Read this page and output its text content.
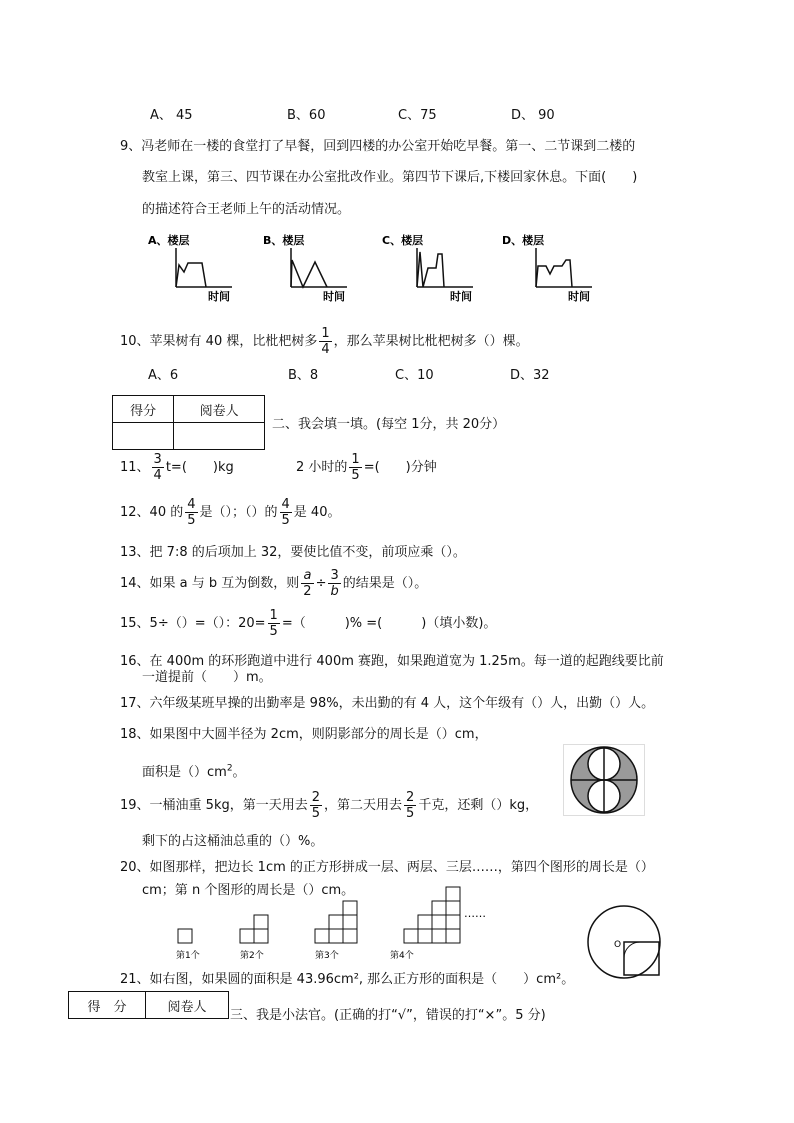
A、 45	B、60	C、75	D、 90
9、冯老师在一楼的食堂打了早餐，回到四楼的办公室开始吃早餐。第一、二节课到二楼的
教室上课，第三、四节课在办公室批改作业。第四节下课后,下楼回家休息。下面(　　)
的描述符合王老师上午的活动情况。
A、楼层
时间
B、楼层
时间
C、楼层
时间
D、楼层
时间
10、苹果树有 40 棵，比枇杷树多 $\frac{1}{4}$ ，那么苹果树比枇杷树多（）棵。
A、6	B、8	C、10	D、32
得分	阅卷人

二、我会填一填。(每空 1分，共 20分）
11、 $\frac{3}{4} t=$(　　)kg	2 小时的 $\frac{1}{5}$ =(　　)分钟
12、40 的 $\frac{4}{5}$ 是（）；（）的 $\frac{4}{5}$ 是 40。
13、把 7:8 的后项加上 32，要使比值不变，前项应乘（）。
14、如果 a 与 b 互为倒数，则 $\frac{a}{2} \div \frac{3}{b}$ 的结果是（）。
15、5÷（）=（）：$20= \frac{1}{5}$ =（　　　)% =(　　　)（填小数)。
16、在 400m 的环形跑道中进行 400m 赛跑，如果跑道宽为 1.25m。每一道的起跑线要比前
一道提前（　　）m。
17、六年级某班早操的出勤率是 98%，未出勤的有 4 人，这个年级有（）人，出勤（）人。
18、如果图中大圆半径为 2cm，则阴影部分的周长是（）cm，
面积是$()cm^2$。
19、一桶油重 5kg，第一天用去 $\frac{2}{5}$ ，第二天用去 $\frac{2}{5}$ 千克，还剩（）kg，
剩下的占这桶油总重的（）%。
20、如图那样，把边长 1cm 的正方形拼成一层、两层、三层……，第四个图形的周长是（）
cm；第 n 个图形的周长是（）cm。
第1个	第2个	第3个	第4个
……
O
21、如右图，如果圆的面积是 43.96cm², 那么正方形的面积是（　　）cm²。
得　分	阅卷人
三、我是小法官。(正确的打“√”，错误的打“×”。5 分)
